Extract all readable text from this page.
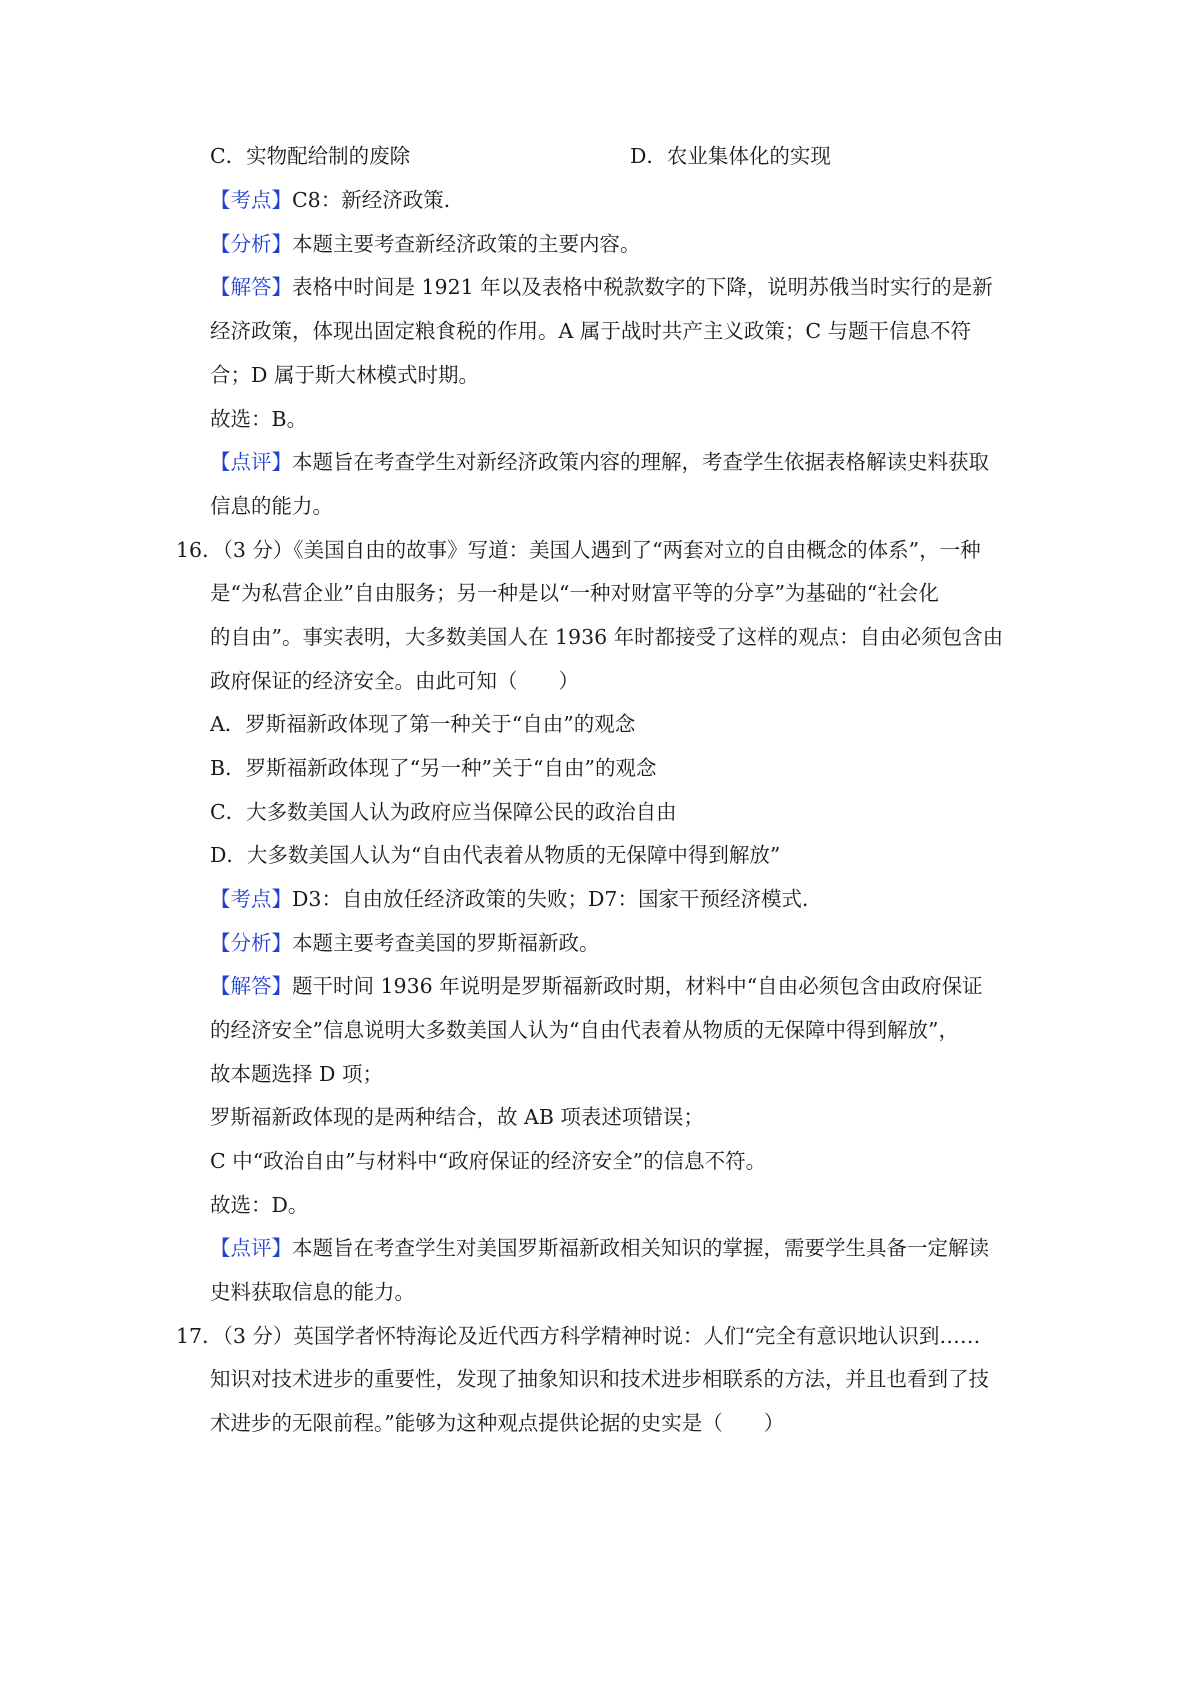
C．实物配给制的废除	D．农业集体化的实现
【考点】C8：新经济政策．
【分析】本题主要考查新经济政策的主要内容。
【解答】表格中时间是 1921 年以及表格中税款数字的下降，说明苏俄当时实行的是新
经济政策，体现出固定粮食税的作用。A 属于战时共产主义政策；C 与题干信息不符
合；D 属于斯大林模式时期。
故选：B。
【点评】本题旨在考查学生对新经济政策内容的理解，考查学生依据表格解读史料获取
信息的能力。
16．（3 分）《美国自由的故事》写道：美国人遇到了“两套对立的自由概念的体系”，一种
是“为私营企业”自由服务；另一种是以“一种对财富平等的分享”为基础的“社会化
的自由”。事实表明，大多数美国人在 1936 年时都接受了这样的观点：自由必须包含由
政府保证的经济安全。由此可知（　　）
A．罗斯福新政体现了第一种关于“自由”的观念
B．罗斯福新政体现了“另一种”关于“自由”的观念
C．大多数美国人认为政府应当保障公民的政治自由
D．大多数美国人认为“自由代表着从物质的无保障中得到解放”
【考点】D3：自由放任经济政策的失败；D7：国家干预经济模式．
【分析】本题主要考查美国的罗斯福新政。
【解答】题干时间 1936 年说明是罗斯福新政时期，材料中“自由必须包含由政府保证
的经济安全”信息说明大多数美国人认为“自由代表着从物质的无保障中得到解放”，
故本题选择 D 项；
罗斯福新政体现的是两种结合，故 AB 项表述项错误；
C 中“政治自由”与材料中“政府保证的经济安全”的信息不符。
故选：D。
【点评】本题旨在考查学生对美国罗斯福新政相关知识的掌握，需要学生具备一定解读
史料获取信息的能力。
17．（3 分）英国学者怀特海论及近代西方科学精神时说：人们“完全有意识地认识到……
知识对技术进步的重要性，发现了抽象知识和技术进步相联系的方法，并且也看到了技
术进步的无限前程。”能够为这种观点提供论据的史实是（　　）
